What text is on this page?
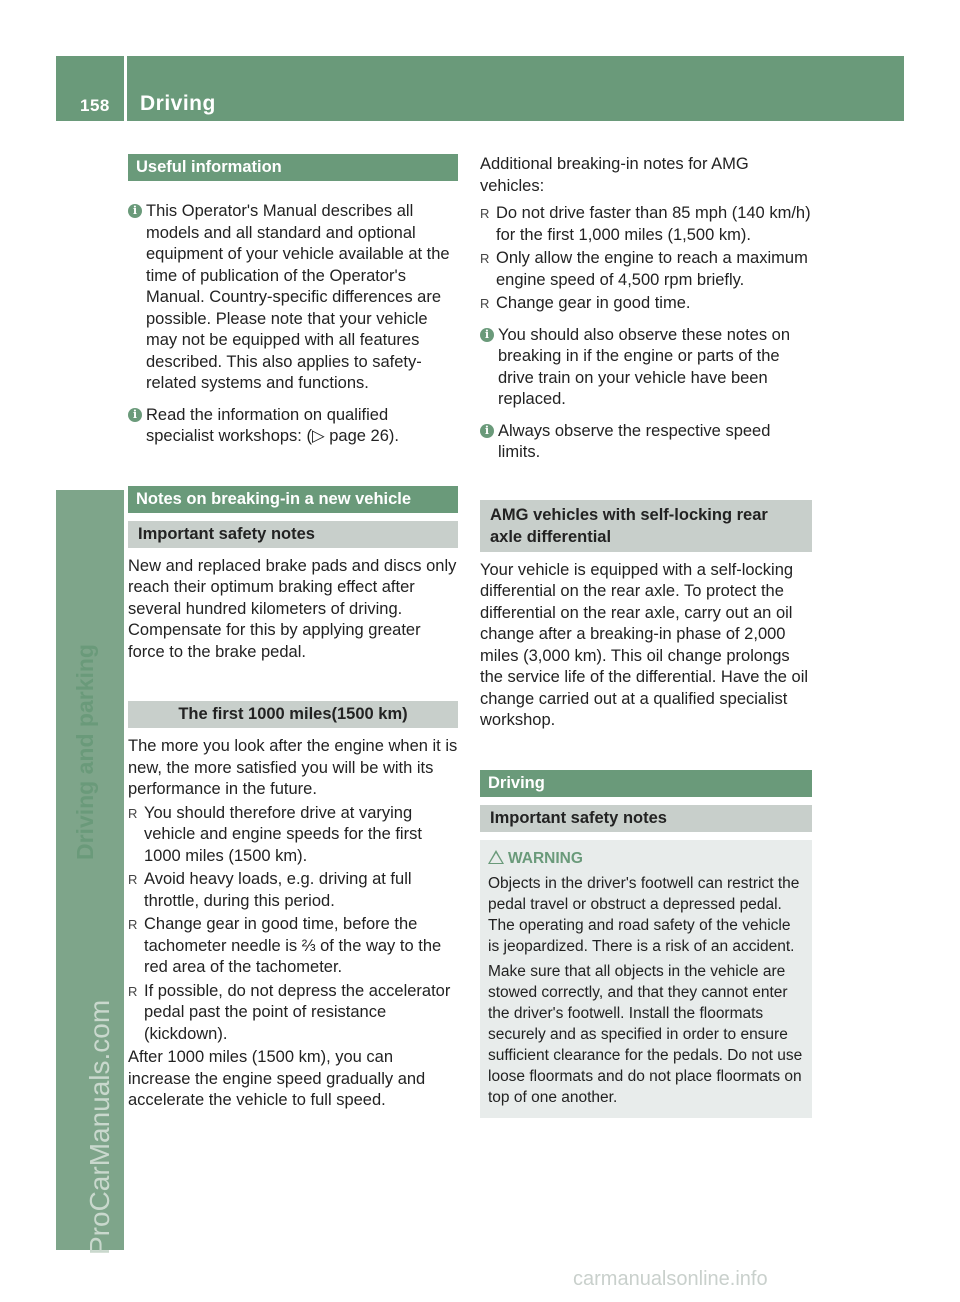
158 Driving
Driving and parking
ProCarManuals.com
Useful information
i This Operator's Manual describes all models and all standard and optional equipment of your vehicle available at the time of publication of the Operator's Manual. Country-specific differences are possible. Please note that your vehicle may not be equipped with all features described. This also applies to safety-related systems and functions.

i Read the information on qualified specialist workshops: (▷ page 26).

Notes on breaking-in a new vehicle
Important safety notes

New and replaced brake pads and discs only reach their optimum braking effect after several hundred kilometers of driving. Compensate for this by applying greater force to the brake pedal.

The first 1000 miles(1500 km)

The more you look after the engine when it is new, the more satisfied you will be with its performance in the future.

R You should therefore drive at varying vehicle and engine speeds for the first 1000 miles (1500 km).
R Avoid heavy loads, e.g. driving at full throttle, during this period.
R Change gear in good time, before the tachometer needle is ⅔ of the way to the red area of the tachometer.
R If possible, do not depress the accelerator pedal past the point of resistance (kickdown).

After 1000 miles (1500 km), you can increase the engine speed gradually and accelerate the vehicle to full speed.

Additional breaking-in notes for AMG vehicles:

R Do not drive faster than 85 mph (140 km/h) for the first 1,000 miles (1,500 km).
R Only allow the engine to reach a maximum engine speed of 4,500 rpm briefly.
R Change gear in good time.
i You should also observe these notes on breaking in if the engine or parts of the drive train on your vehicle have been replaced.

i Always observe the respective speed limits.

AMG vehicles with self-locking rear axle differential

Your vehicle is equipped with a self-locking differential on the rear axle. To protect the differential on the rear axle, carry out an oil change after a breaking-in phase of 2,000 miles (3,000 km). This oil change prolongs the service life of the differential. Have the oil change carried out at a qualified specialist workshop.

Driving
Important safety notes
WARNING

Objects in the driver's footwell can restrict the pedal travel or obstruct a depressed pedal. The operating and road safety of the vehicle is jeopardized. There is a risk of an accident.

Make sure that all objects in the vehicle are stowed correctly, and that they cannot enter the driver's footwell. Install the floormats securely and as specified in order to ensure sufficient clearance for the pedals. Do not use loose floormats and do not place floormats on top of one another.

carmanualsonline.info
